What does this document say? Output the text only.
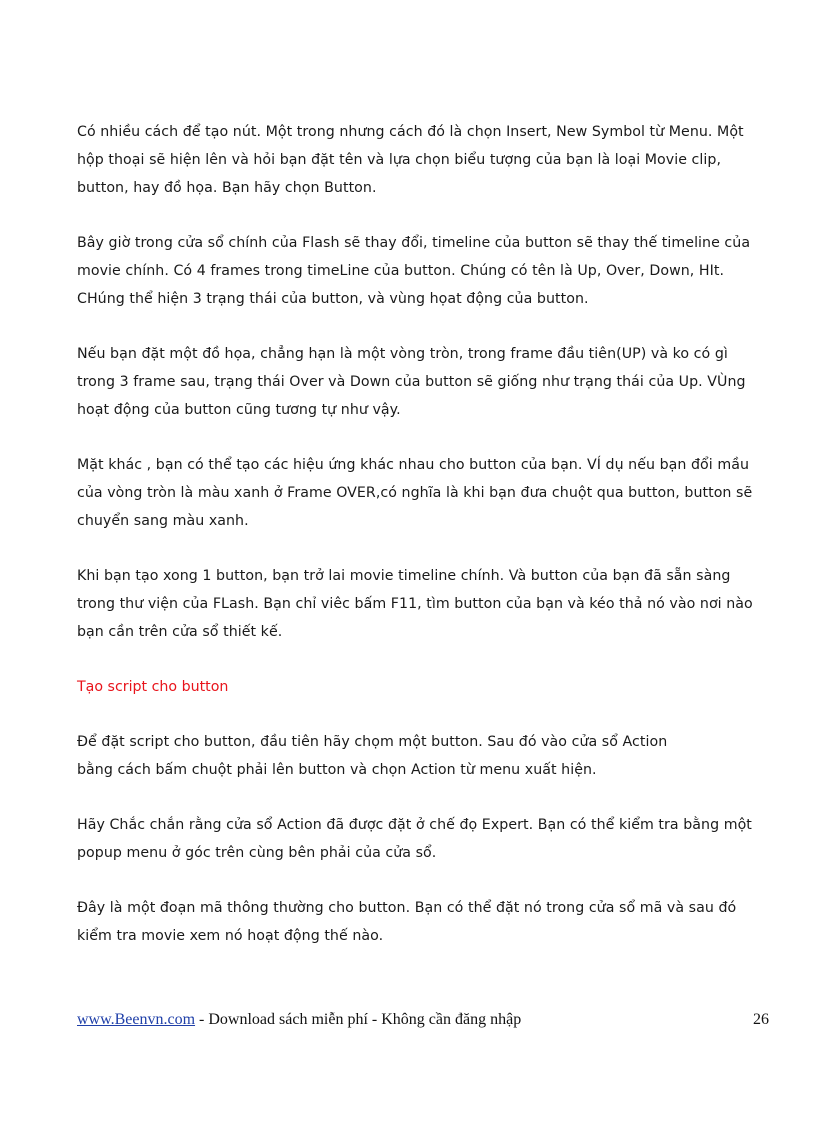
Có nhiều cách để tạo nút. Một trong nhưng cách đó là chọn Insert, New Symbol từ Menu. Một hộp thoại sẽ hiện lên và hỏi bạn đặt tên và lựa chọn biểu tượng của bạn là loại Movie clip, button, hay đồ họa. Bạn hãy chọn Button.

Bây giờ trong cửa sổ chính của Flash sẽ thay đổi, timeline của button sẽ thay thế timeline của movie chính. Có 4 frames trong timeLine của button. Chúng có tên là Up, Over, Down, HIt. CHúng thể hiện 3 trạng thái của button, và vùng họat động của button.

Nếu bạn đặt một đồ họa, chẳng hạn là một vòng tròn, trong frame đầu tiên(UP) và ko có gì trong 3 frame sau, trạng thái Over và Down của button sẽ giống như trạng thái của Up. VÙng hoạt động của button cũng tương tự như vậy.

Mặt khác , bạn có thể tạo các hiệu ứng khác nhau cho button của bạn. VÍ dụ nếu bạn đổi mầu của vòng tròn là màu xanh ở Frame OVER,có nghĩa là khi bạn đưa chuột qua button, button sẽ chuyển sang màu xanh.

Khi bạn tạo xong 1 button, bạn trở lai movie timeline chính. Và button của bạn đã sẵn sàng trong thư viện của FLash. Bạn chỉ viêc bấm F11, tìm button của bạn và kéo thả nó vào nơi nào bạn cần trên cửa sổ thiết kế.

Tạo script cho button

Để đặt script cho button, đầu tiên hãy chọm một button. Sau đó vào cửa sổ Action
bằng cách bấm chuột phải lên button và chọn Action từ menu xuất hiện.

Hãy Chắc chắn rằng cửa sổ Action đã được đặt ở chế đọ Expert. Bạn có thể kiểm tra bằng một popup menu ở góc trên cùng bên phải của cửa sổ.

Đây là một đoạn mã thông thường cho button. Bạn có thể đặt nó trong cửa sổ mã và sau đó kiểm tra movie xem nó hoạt động thế nào.

www.Beenvn.com - Download sách miễn phí - Không cần đăng nhập	26
